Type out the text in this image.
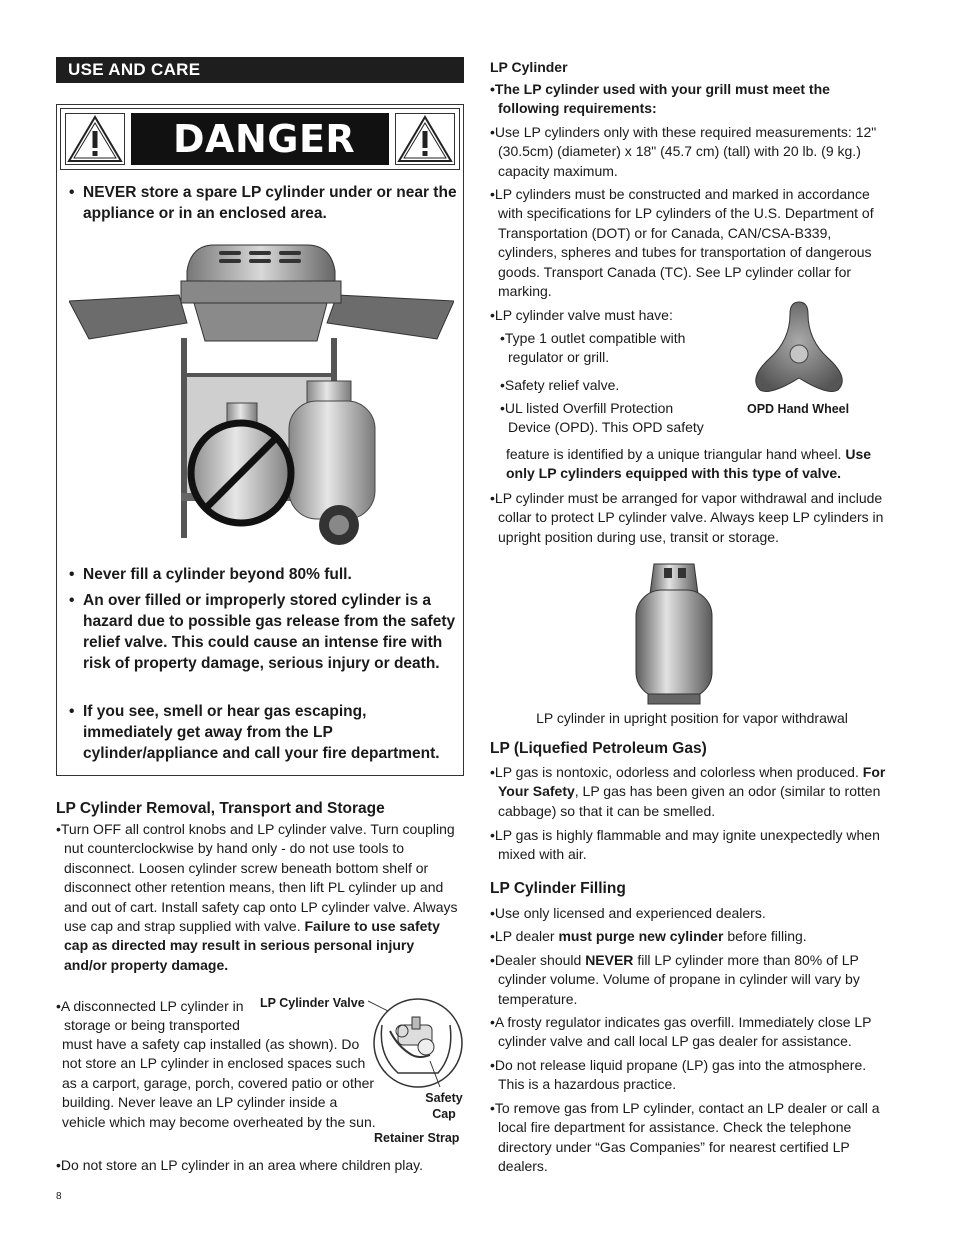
USE AND CARE
DANGER
• NEVER store a spare LP cylinder under or near the appliance or in an enclosed area.
• Never fill a cylinder beyond 80% full.
• An over filled or improperly stored cylinder is a hazard due to possible gas release from the safety relief valve. This could cause an intense fire with risk of property damage, serious injury or death.
• If you see, smell or hear gas escaping, immediately get away from the LP cylinder/appliance and call your fire department.
LP Cylinder Removal, Transport and Storage
•Turn OFF all control knobs and LP cylinder valve. Turn coupling nut counterclockwise by hand only - do not use tools to disconnect. Loosen cylinder screw beneath bottom shelf or disconnect other retention means, then lift PL cylinder up and and out of cart. Install safety cap onto LP cylinder valve. Always use cap and strap supplied with valve. Failure to use safety cap as directed may result in serious personal injury and/or property damage.
•A disconnected LP cylinder in storage or being transported
must have a safety cap installed (as shown). Do not store an LP cylinder in enclosed spaces such as a carport, garage, porch, covered patio or other building. Never leave an LP cylinder inside a vehicle which may become overheated by the sun.
•Do not store an LP cylinder in an area where children play.
LP Cylinder Valve
Safety Cap
Retainer Strap
LP Cylinder
•The LP cylinder used with your grill must meet the following requirements:
•Use LP cylinders only with these required measurements: 12" (30.5cm) (diameter) x 18" (45.7 cm) (tall) with 20 lb. (9 kg.) capacity maximum.
•LP cylinders must be constructed and marked in accordance with specifications for LP cylinders of the U.S. Department of Transportation (DOT) or for Canada, CAN/CSA-B339, cylinders, spheres and tubes for transportation of dangerous goods. Transport Canada (TC). See LP cylinder collar for marking.
•LP cylinder valve must have:
•Type 1 outlet compatible with regulator or grill.
•Safety relief valve.
•UL listed Overfill Protection Device (OPD). This OPD safety
feature is identified by a unique triangular hand wheel. Use only LP cylinders equipped with this type of valve.
OPD Hand Wheel
•LP cylinder must be arranged for vapor withdrawal and include collar to protect LP cylinder valve. Always keep LP cylinders in upright position during use, transit or storage.
LP cylinder in upright position for vapor withdrawal
LP (Liquefied Petroleum Gas)
•LP gas is nontoxic, odorless and colorless when produced. For Your Safety, LP gas has been given an odor (similar to rotten cabbage) so that it can be smelled.
•LP gas is highly flammable and may ignite unexpectedly when mixed with air.
LP Cylinder Filling
•Use only licensed and experienced dealers.
•LP dealer must purge new cylinder before filling.
•Dealer should NEVER fill LP cylinder more than 80% of LP cylinder volume. Volume of propane in cylinder will vary by temperature.
•A frosty regulator indicates gas overfill. Immediately close LP cylinder valve and call local LP gas dealer for assistance.
•Do not release liquid propane (LP) gas into the atmosphere. This is a hazardous practice.
•To remove gas from LP cylinder, contact an LP dealer or call a local fire department for assistance. Check the telephone directory under “Gas Companies” for nearest certified LP dealers.
8
